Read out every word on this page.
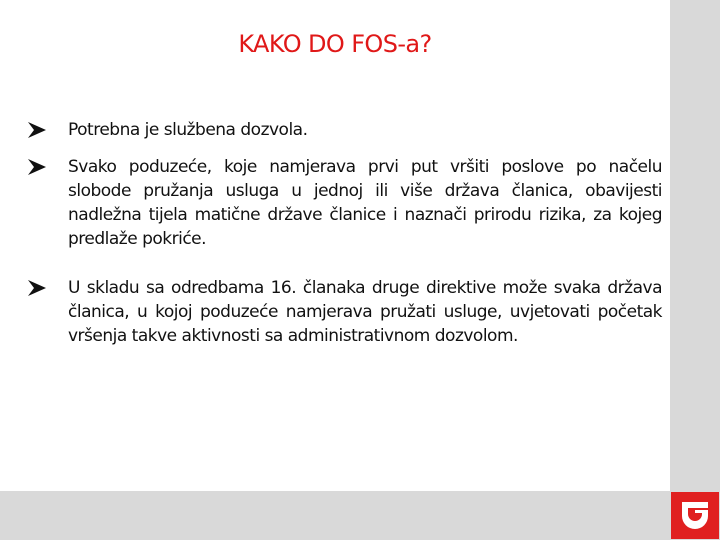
KAKO DO FOS-a?
Potrebna je službena dozvola.
Svako poduzeće, koje namjerava prvi put vršiti poslove po načelu slobode pružanja usluga u jednoj ili više država članica, obavijesti nadležna tijela matične države članice i naznači prirodu rizika, za kojeg predlaže pokriće.
U skladu sa odredbama 16. članaka druge direktive može svaka država članica, u kojoj poduzeće namjerava pružati usluge, uvjetovati početak vršenja takve aktivnosti sa administrativnom dozvolom.
